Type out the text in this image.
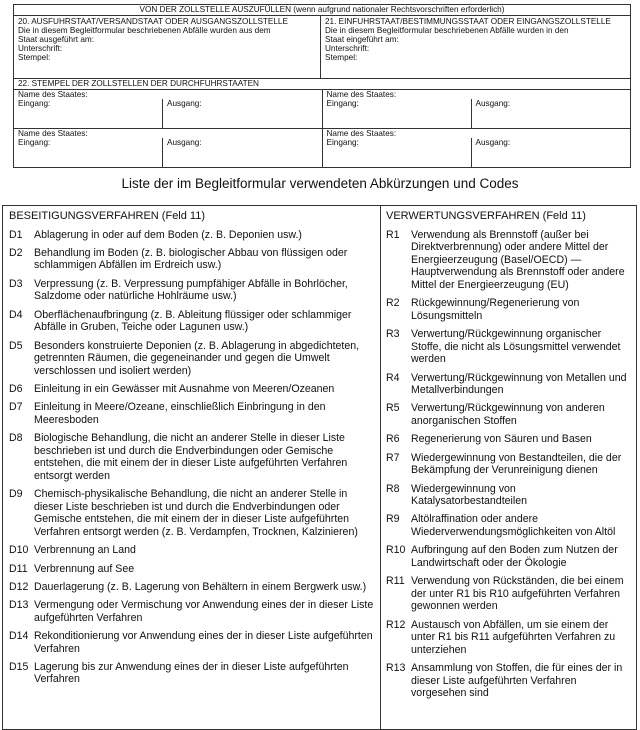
VON DER ZOLLSTELLE AUSZUFÜLLEN (wenn aufgrund nationaler Rechtsvorschriften erforderlich)
20. AUSFUHRSTAAT/VERSANDSTAAT ODER AUSGANGSZOLLSTELLE
Die in diesem Begleitformular beschriebenen Abfälle wurden aus dem
Staat ausgeführt am:
Unterschrift:
Stempel:
21. EINFUHRSTAAT/BESTIMMUNGSSTAAT ODER EINGANGSZOLLSTELLE
Die in diesem Begleitformular beschriebenen Abfälle wurden in den
Staat eingeführt am:
Unterschrift:
Stempel:
22. STEMPEL DER ZOLLSTELLEN DER DURCHFUHRSTAATEN
Name des Staates:
Eingang:	Ausgang:
Name des Staates:
Eingang:	Ausgang:
Name des Staates:
Eingang:	Ausgang:
Name des Staates:
Eingang:	Ausgang:
Liste der im Begleitformular verwendeten Abkürzungen und Codes
BESEITIGUNGSVERFAHREN (Feld 11)
D1	Ablagerung in oder auf dem Boden (z. B. Deponien usw.)
D2	Behandlung im Boden (z. B. biologischer Abbau von flüssigen oder schlammigen Abfällen im Erdreich usw.)
D3	Verpressung (z. B. Verpressung pumpfähiger Abfälle in Bohrlöcher, Salzdome oder natürliche Hohlräume usw.)
D4	Oberflächenaufbringung (z. B. Ableitung flüssiger oder schlammiger Abfälle in Gruben, Teiche oder Lagunen usw.)
D5	Besonders konstruierte Deponien (z. B. Ablagerung in abgedichteten, getrennten Räumen, die gegeneinander und gegen die Umwelt verschlossen und isoliert werden)
D6	Einleitung in ein Gewässer mit Ausnahme von Meeren/Ozeanen
D7	Einleitung in Meere/Ozeane, einschließlich Einbringung in den Meeresboden
D8	Biologische Behandlung, die nicht an anderer Stelle in dieser Liste beschrieben ist und durch die Endverbindungen oder Gemische entstehen, die mit einem der in dieser Liste aufgeführten Verfahren entsorgt werden
D9	Chemisch-physikalische Behandlung, die nicht an anderer Stelle in dieser Liste beschrieben ist und durch die Endverbindungen oder Gemische entstehen, die mit einem der in dieser Liste aufgeführten Verfahren entsorgt werden (z. B. Verdampfen, Trocknen, Kalzinieren)
D10 Verbrennung an Land
D11 Verbrennung auf See
D12 Dauerlagerung (z. B. Lagerung von Behältern in einem Bergwerk usw.)
D13 Vermengung oder Vermischung vor Anwendung eines der in dieser Liste aufgeführten Verfahren
D14 Rekonditionierung vor Anwendung eines der in dieser Liste aufgeführten Verfahren
D15 Lagerung bis zur Anwendung eines der in dieser Liste aufgeführten Verfahren
VERWERTUNGSVERFAHREN (Feld 11)
R1	Verwendung als Brennstoff (außer bei Direktverbrennung) oder andere Mittel der Energieerzeugung (Basel/OECD) — Hauptverwendung als Brennstoff oder andere Mittel der Energieerzeugung (EU)
R2	Rückgewinnung/Regenerierung von Lösungsmitteln
R3	Verwertung/Rückgewinnung organischer Stoffe, die nicht als Lösungsmittel verwendet werden
R4	Verwertung/Rückgewinnung von Metallen und Metallverbindungen
R5	Verwertung/Rückgewinnung von anderen anorganischen Stoffen
R6	Regenerierung von Säuren und Basen
R7	Wiedergewinnung von Bestandteilen, die der Bekämpfung der Verunreinigung dienen
R8	Wiedergewinnung von Katalysatorbestandteilen
R9	Altölraffination oder andere Wiederverwendungsmöglichkeiten von Altöl
R10 Aufbringung auf den Boden zum Nutzen der Landwirtschaft oder der Ökologie
R11 Verwendung von Rückständen, die bei einem der unter R1 bis R10 aufgeführten Verfahren gewonnen werden
R12 Austausch von Abfällen, um sie einem der unter R1 bis R11 aufgeführten Verfahren zu unterziehen
R13 Ansammlung von Stoffen, die für eines der in dieser Liste aufgeführten Verfahren vorgesehen sind
